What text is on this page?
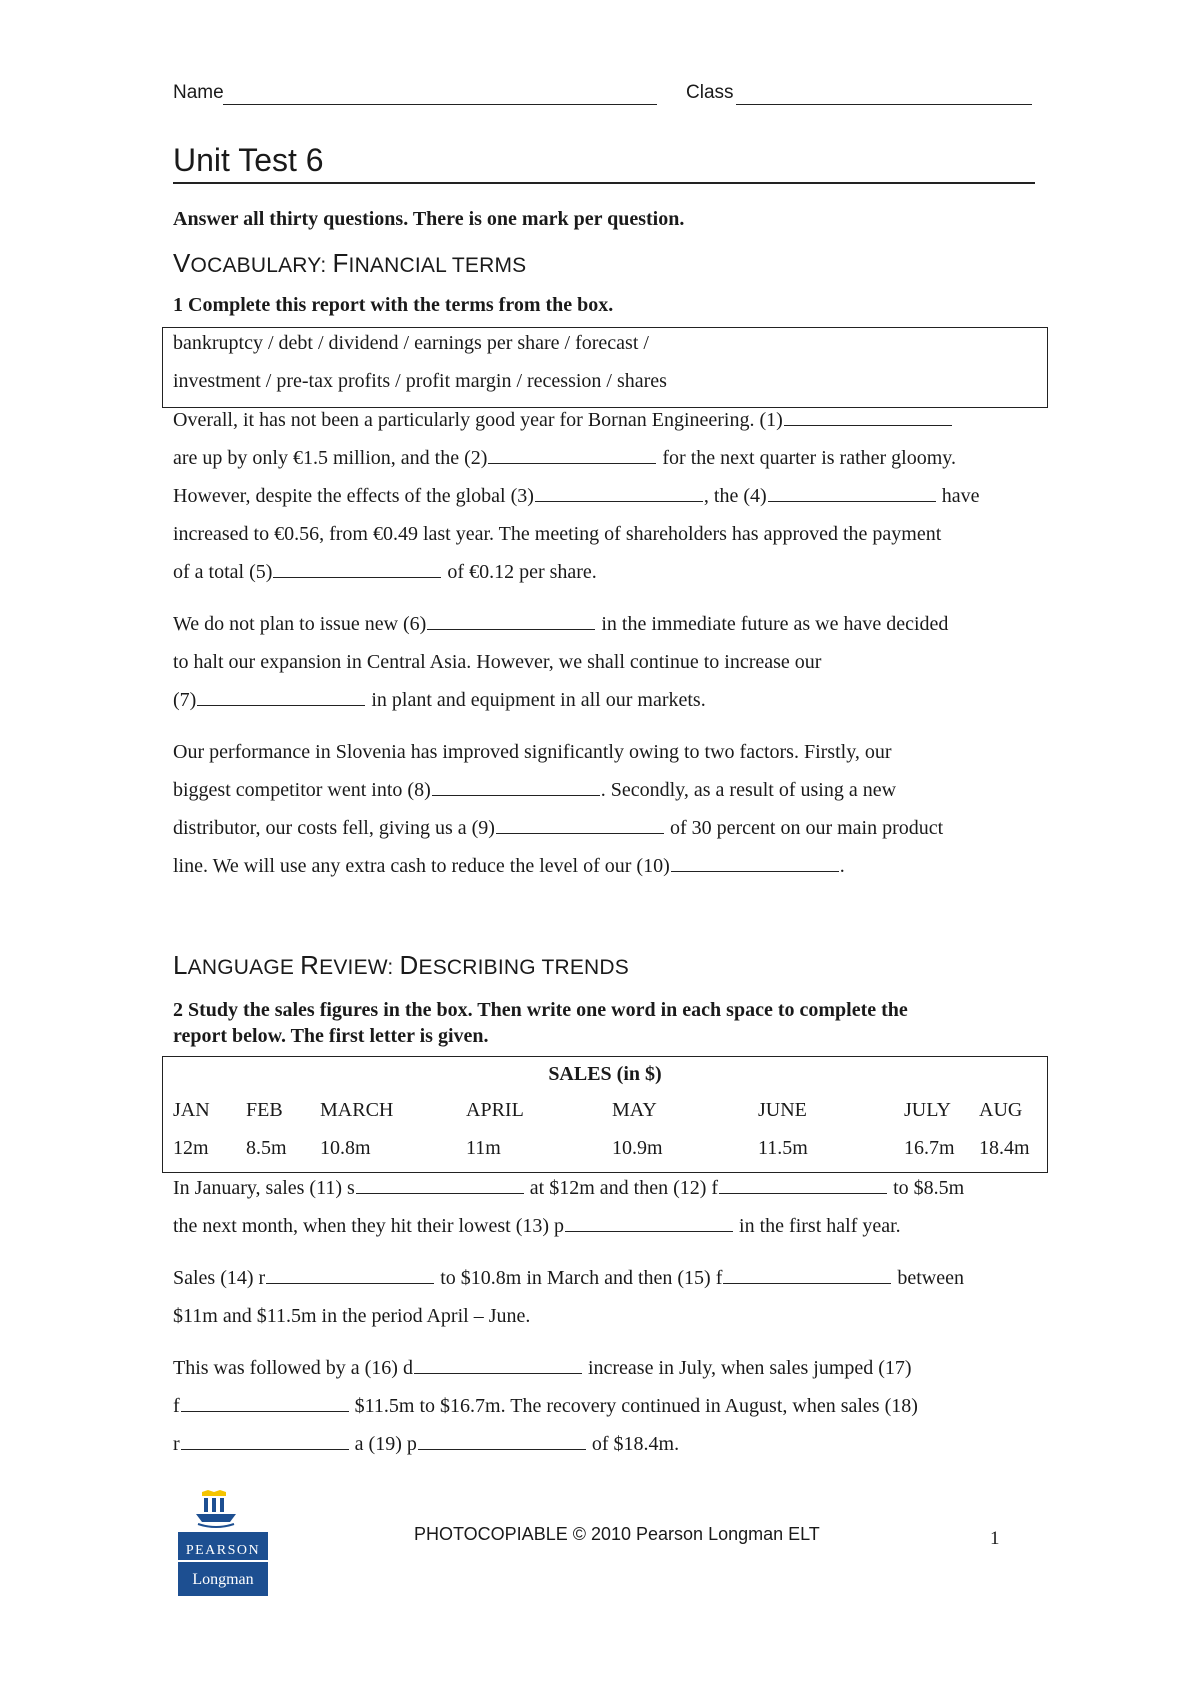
Name	Class
Unit Test 6
Answer all thirty questions. There is one mark per question.
VOCABULARY: FINANCIAL TERMS
1 Complete this report with the terms from the box.
bankruptcy / debt / dividend / earnings per share / forecast /
investment / pre-tax profits / profit margin / recession / shares
Overall, it has not been a particularly good year for Bornan Engineering. (1)
are up by only €1.5 million, and the (2)	for the next quarter is rather gloomy.
However, despite the effects of the global (3)	, the (4)	have
increased to €0.56, from €0.49 last year. The meeting of shareholders has approved the payment
of a total (5)	of €0.12 per share.
We do not plan to issue new (6)	in the immediate future as we have decided
to halt our expansion in Central Asia. However, we shall continue to increase our
(7)	in plant and equipment in all our markets.
Our performance in Slovenia has improved significantly owing to two factors. Firstly, our
biggest competitor went into (8)	. Secondly, as a result of using a new
distributor, our costs fell, giving us a (9)	of 30 percent on our main product
line. We will use any extra cash to reduce the level of our (10)	.
LANGUAGE REVIEW: DESCRIBING TRENDS
2 Study the sales figures in the box. Then write one word in each space to complete the
report below. The first letter is given.
SALES (in $)
JAN FEB MARCH	APRIL	MAY	JUNE	JULY AUG
12m 8.5m 10.8m	11m	10.9m	11.5m	16.7m 18.4m
In January, sales (11) s	at $12m and then (12) f	to $8.5m
the next month, when they hit their lowest (13) p	in the first half year.
Sales (14) r	to $10.8m in March and then (15) f	between
$11m and $11.5m in the period April – June.
This was followed by a (16) d	increase in July, when sales jumped (17)
f	$11.5m to $16.7m. The recovery continued in August, when sales (18)
r	a (19) p	of $18.4m.
PEARSON
Longman
PHOTOCOPIABLE © 2010 Pearson Longman ELT	1
